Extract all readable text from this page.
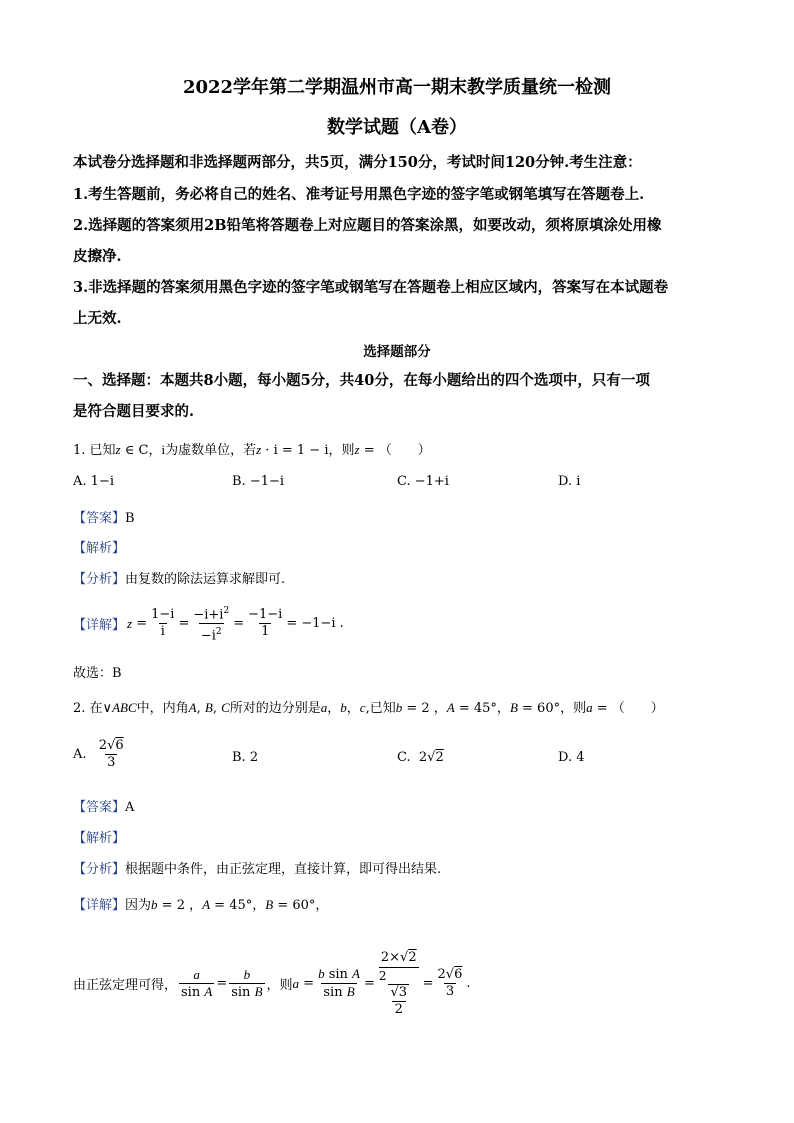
2022学年第二学期温州市高一期末教学质量统一检测
数学试题（A卷）
本试卷分选择题和非选择题两部分，共5页，满分150分，考试时间120分钟.考生注意：
1.考生答题前，务必将自己的姓名、准考证号用黑色字迹的签字笔或钢笔填写在答题卷上.
2.选择题的答案须用2B铅笔将答题卷上对应题目的答案涂黑，如要改动，须将原填涂处用橡
皮擦净.
3.非选择题的答案须用黑色字迹的签字笔或钢笔写在答题卷上相应区域内，答案写在本试题卷
上无效.
选择题部分
一、选择题：本题共8小题，每小题5分，共40分，在每小题给出的四个选项中，只有一项
是符合题目要求的.
1. 已知z ∈ C，i为虚数单位，若z · i = 1 − i，则z = （　　）
A. 1−i	B. −1−i	C. −1+i	D. i
【答案】B
【解析】
【分析】由复数的除法运算求解即可.
【详解】 $z = \frac{1-i}{i} = \frac{-i+i^2}{-i^2} = \frac{-1-i}{1} = -1-i$ .
故选：B
2. 在∨ABC中，内角A, B, C所对的边分别是a，b，c,已知b = 2 ，A = 45°，B = 60°，则a = （　　）
A.
$\frac{2√6}{3}$	B. 2	C.  2√2	D. 4
【答案】A
【解析】
【分析】根据题中条件，由正弦定理，直接计算，即可得出结果.
【详解】因为b = 2 ，A = 45°，B = 60°，
由正弦定理可得， $\frac{a}{\text{sin A}} = \frac{b}{\text{sin B}}$ ，则 $a = \frac{\text{b sin A}}{\text{sin B}}$ =
2×√2

2
$\frac{√3}{2}$
= $\frac{2√6}{3}$ .
